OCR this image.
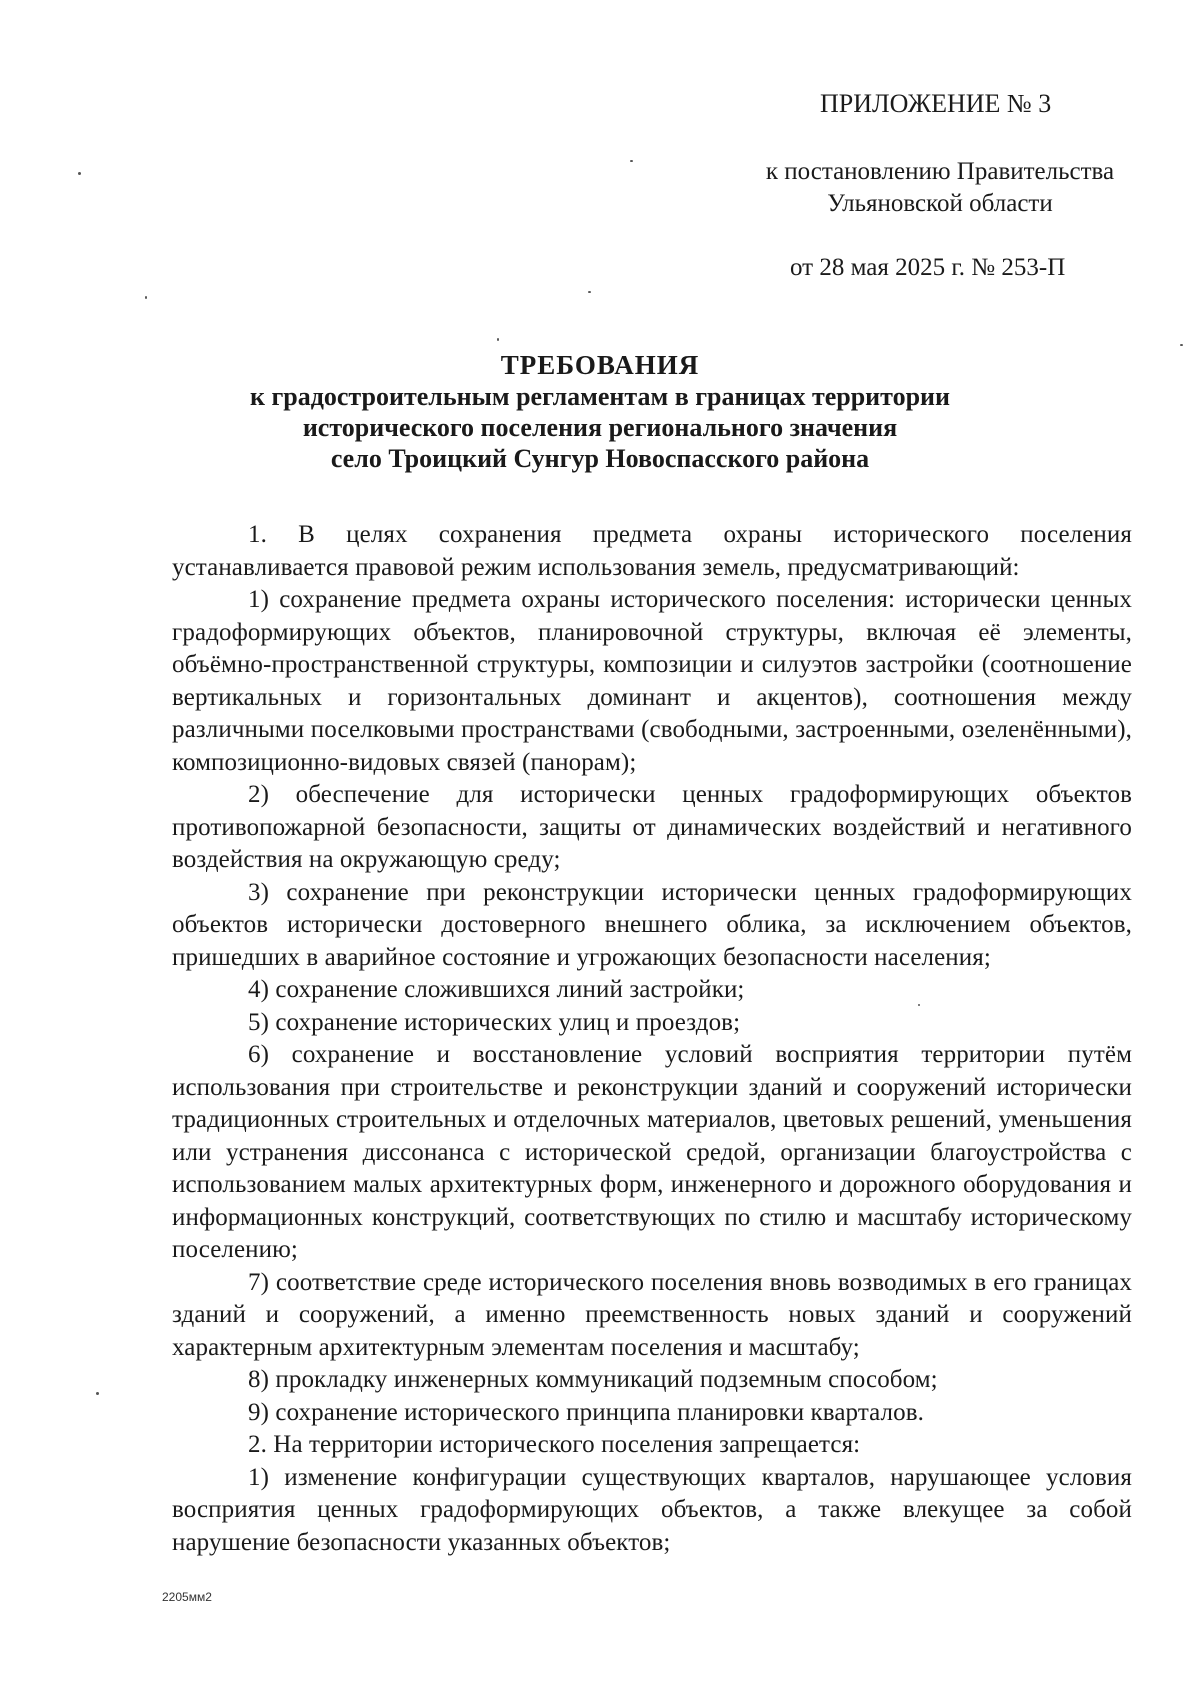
ПРИЛОЖЕНИЕ № 3
к постановлению Правительства
Ульяновской области
от 28 мая 2025 г. № 253-П
ТРЕБОВАНИЯ
к градостроительным регламентам в границах территории
исторического поселения регионального значения
село Троицкий Сунгур Новоспасского района

1. В целях сохранения предмета охраны исторического поселения устанавливается правовой режим использования земель, предусматривающий:

1) сохранение предмета охраны исторического поселения: исторически ценных градоформирующих объектов, планировочной структуры, включая её элементы, объёмно-пространственной структуры, композиции и силуэтов застройки (соотношение вертикальных и горизонтальных доминант и акцентов), соотношения между различными поселковыми пространствами (свободными, застроенными, озеленёнными), композиционно-видовых связей (панорам);

2) обеспечение для исторически ценных градоформирующих объектов противопожарной безопасности, защиты от динамических воздействий и негативного воздействия на окружающую среду;

3) сохранение при реконструкции исторически ценных градоформирующих объектов исторически достоверного внешнего облика, за исключением объектов, пришедших в аварийное состояние и угрожающих безопасности населения;

4) сохранение сложившихся линий застройки;

5) сохранение исторических улиц и проездов;

6) сохранение и восстановление условий восприятия территории путём использования при строительстве и реконструкции зданий и сооружений исторически традиционных строительных и отделочных материалов, цветовых решений, уменьшения или устранения диссонанса с исторической средой, организации благоустройства с использованием малых архитектурных форм, инженерного и дорожного оборудования и информационных конструкций, соответствующих по стилю и масштабу историческому поселению;

7) соответствие среде исторического поселения вновь возводимых в его границах зданий и сооружений, а именно преемственность новых зданий и сооружений характерным архитектурным элементам поселения и масштабу;

8) прокладку инженерных коммуникаций подземным способом;

9) сохранение исторического принципа планировки кварталов.

2. На территории исторического поселения запрещается:

1) изменение конфигурации существующих кварталов, нарушающее условия восприятия ценных градоформирующих объектов, а также влекущее за собой нарушение безопасности указанных объектов;

2205мм2
